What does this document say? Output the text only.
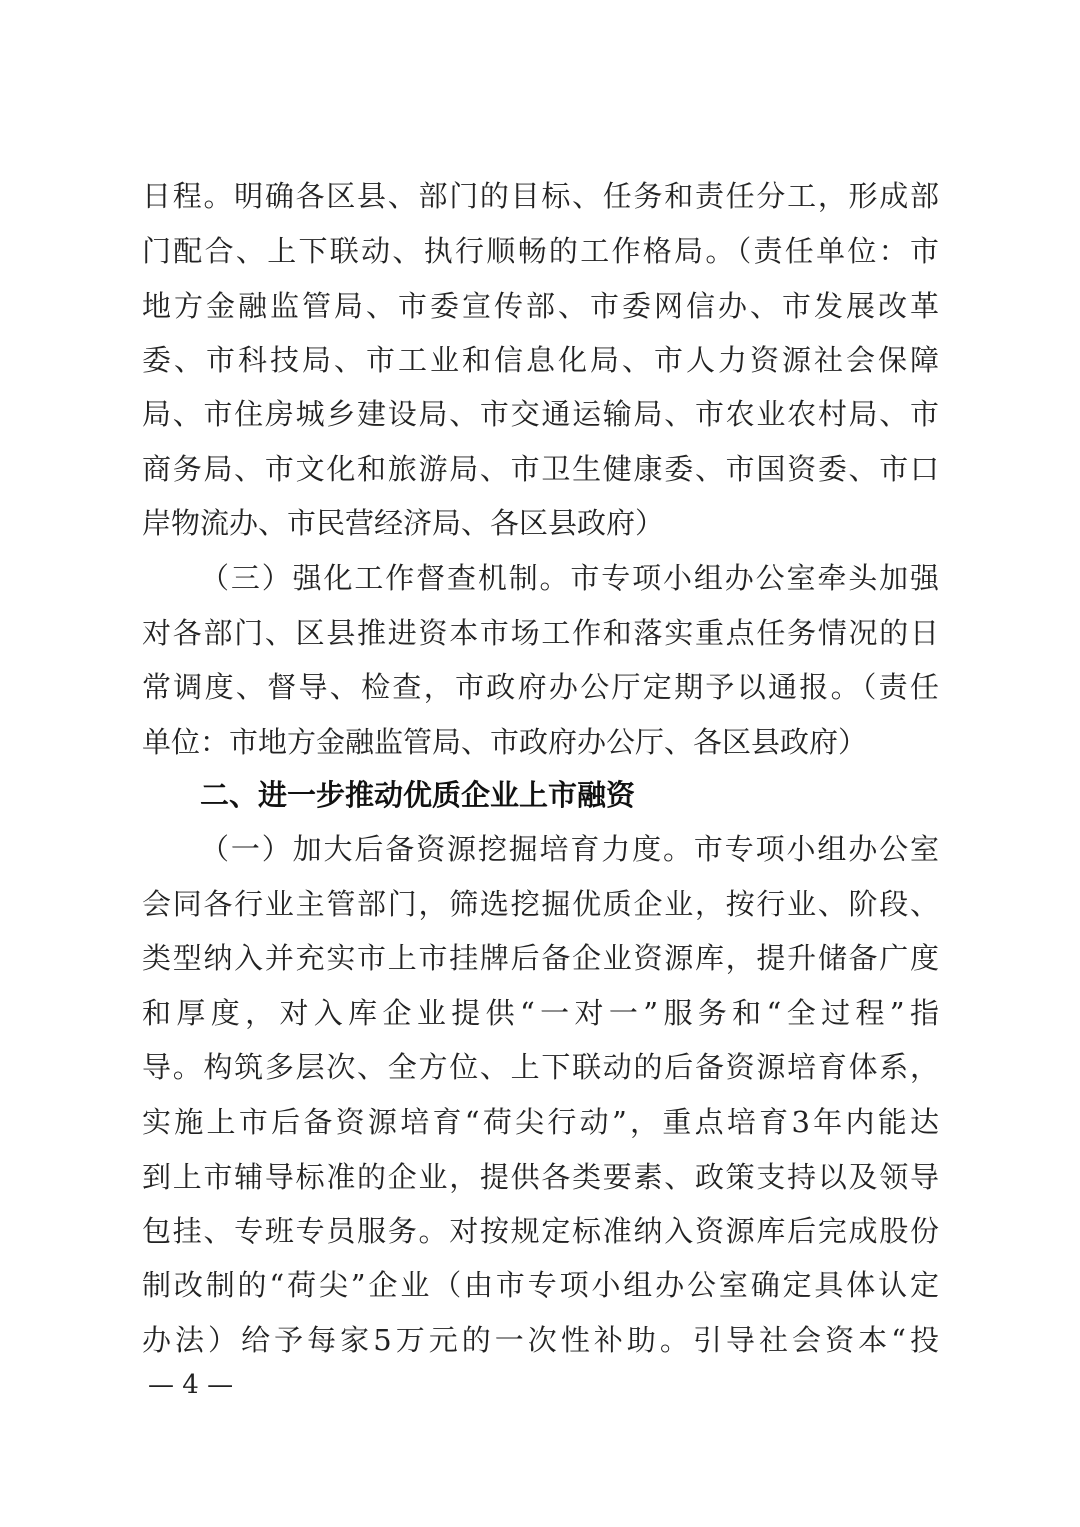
日程。明确各区县、部门的目标、任务和责任分工，形成部
门配合、上下联动、执行顺畅的工作格局。（责任单位：市
地方金融监管局、市委宣传部、市委网信办、市发展改革
委、市科技局、市工业和信息化局、市人力资源社会保障
局、市住房城乡建设局、市交通运输局、市农业农村局、市
商务局、市文化和旅游局、市卫生健康委、市国资委、市口
岸物流办、市民营经济局、各区县政府）
（三）强化工作督查机制。市专项小组办公室牵头加强
对各部门、区县推进资本市场工作和落实重点任务情况的日
常调度、督导、检查，市政府办公厅定期予以通报。（责任
单位：市地方金融监管局、市政府办公厅、各区县政府）
二、进一步推动优质企业上市融资
（一）加大后备资源挖掘培育力度。市专项小组办公室
会同各行业主管部门，筛选挖掘优质企业，按行业、阶段、
类型纳入并充实市上市挂牌后备企业资源库，提升储备广度
和厚度，对入库企业提供“一对一”服务和“全过程”指
导。构筑多层次、全方位、上下联动的后备资源培育体系，
实施上市后备资源培育“荷尖行动”，重点培育3年内能达
到上市辅导标准的企业，提供各类要素、政策支持以及领导
包挂、专班专员服务。对按规定标准纳入资源库后完成股份
制改制的“荷尖”企业（由市专项小组办公室确定具体认定
办法）给予每家5万元的一次性补助。引导社会资本“投
— 4 —
